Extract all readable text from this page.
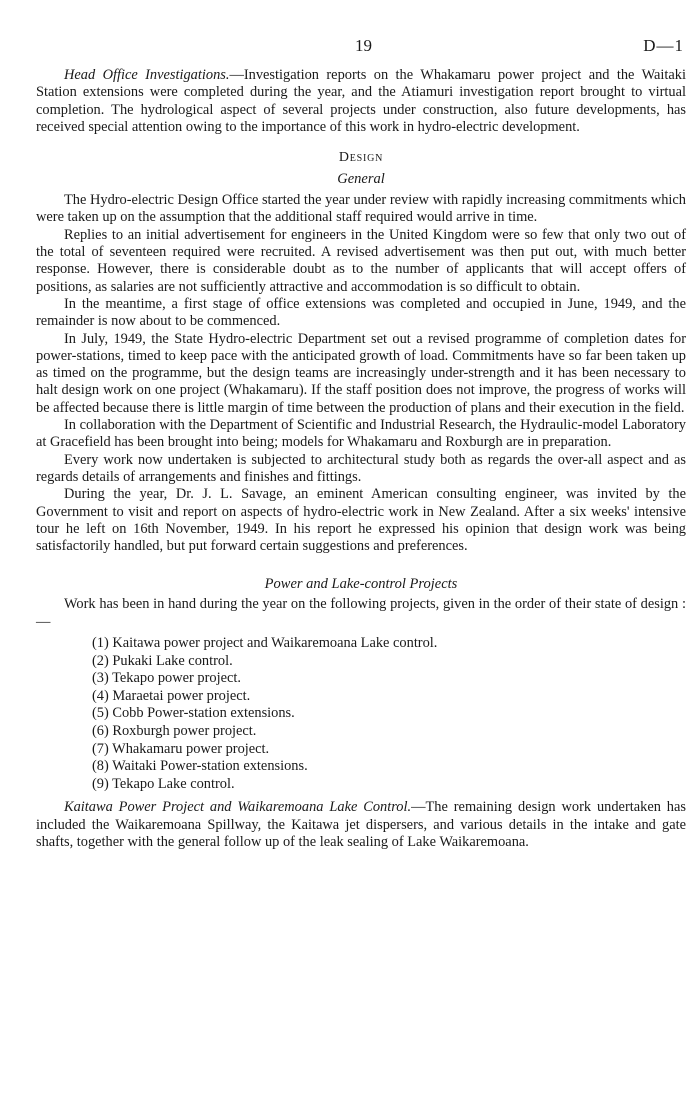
19	D—1

Head Office Investigations.—Investigation reports on the Whakamaru power project and the Waitaki Station extensions were completed during the year, and the Atiamuri investigation report brought to virtual completion. The hydrological aspect of several projects under construction, also future developments, has received special attention owing to the importance of this work in hydro-electric development.

Design
General

The Hydro-electric Design Office started the year under review with rapidly increasing commitments which were taken up on the assumption that the additional staff required would arrive in time.

Replies to an initial advertisement for engineers in the United Kingdom were so few that only two out of the total of seventeen required were recruited. A revised advertisement was then put out, with much better response. However, there is considerable doubt as to the number of applicants that will accept offers of positions, as salaries are not sufficiently attractive and accommodation is so difficult to obtain.

In the meantime, a first stage of office extensions was completed and occupied in June, 1949, and the remainder is now about to be commenced.

In July, 1949, the State Hydro-electric Department set out a revised programme of completion dates for power-stations, timed to keep pace with the anticipated growth of load. Commitments have so far been taken up as timed on the programme, but the design teams are increasingly under-strength and it has been necessary to halt design work on one project (Whakamaru). If the staff position does not improve, the progress of works will be affected because there is little margin of time between the production of plans and their execution in the field.

In collaboration with the Department of Scientific and Industrial Research, the Hydraulic-model Laboratory at Gracefield has been brought into being; models for Whakamaru and Roxburgh are in preparation.

Every work now undertaken is subjected to architectural study both as regards the over-all aspect and as regards details of arrangements and finishes and fittings.

During the year, Dr. J. L. Savage, an eminent American consulting engineer, was invited by the Government to visit and report on aspects of hydro-electric work in New Zealand. After a six weeks' intensive tour he left on 16th November, 1949. In his report he expressed his opinion that design work was being satisfactorily handled, but put forward certain suggestions and preferences.

Power and Lake-control Projects

Work has been in hand during the year on the following projects, given in the order of their state of design :—

(1) Kaitawa power project and Waikaremoana Lake control.
(2) Pukaki Lake control.
(3) Tekapo power project.
(4) Maraetai power project.
(5) Cobb Power-station extensions.
(6) Roxburgh power project.
(7) Whakamaru power project.
(8) Waitaki Power-station extensions.
(9) Tekapo Lake control.

Kaitawa Power Project and Waikaremoana Lake Control.—The remaining design work undertaken has included the Waikaremoana Spillway, the Kaitawa jet dispersers, and various details in the intake and gate shafts, together with the general follow up of the leak sealing of Lake Waikaremoana.
